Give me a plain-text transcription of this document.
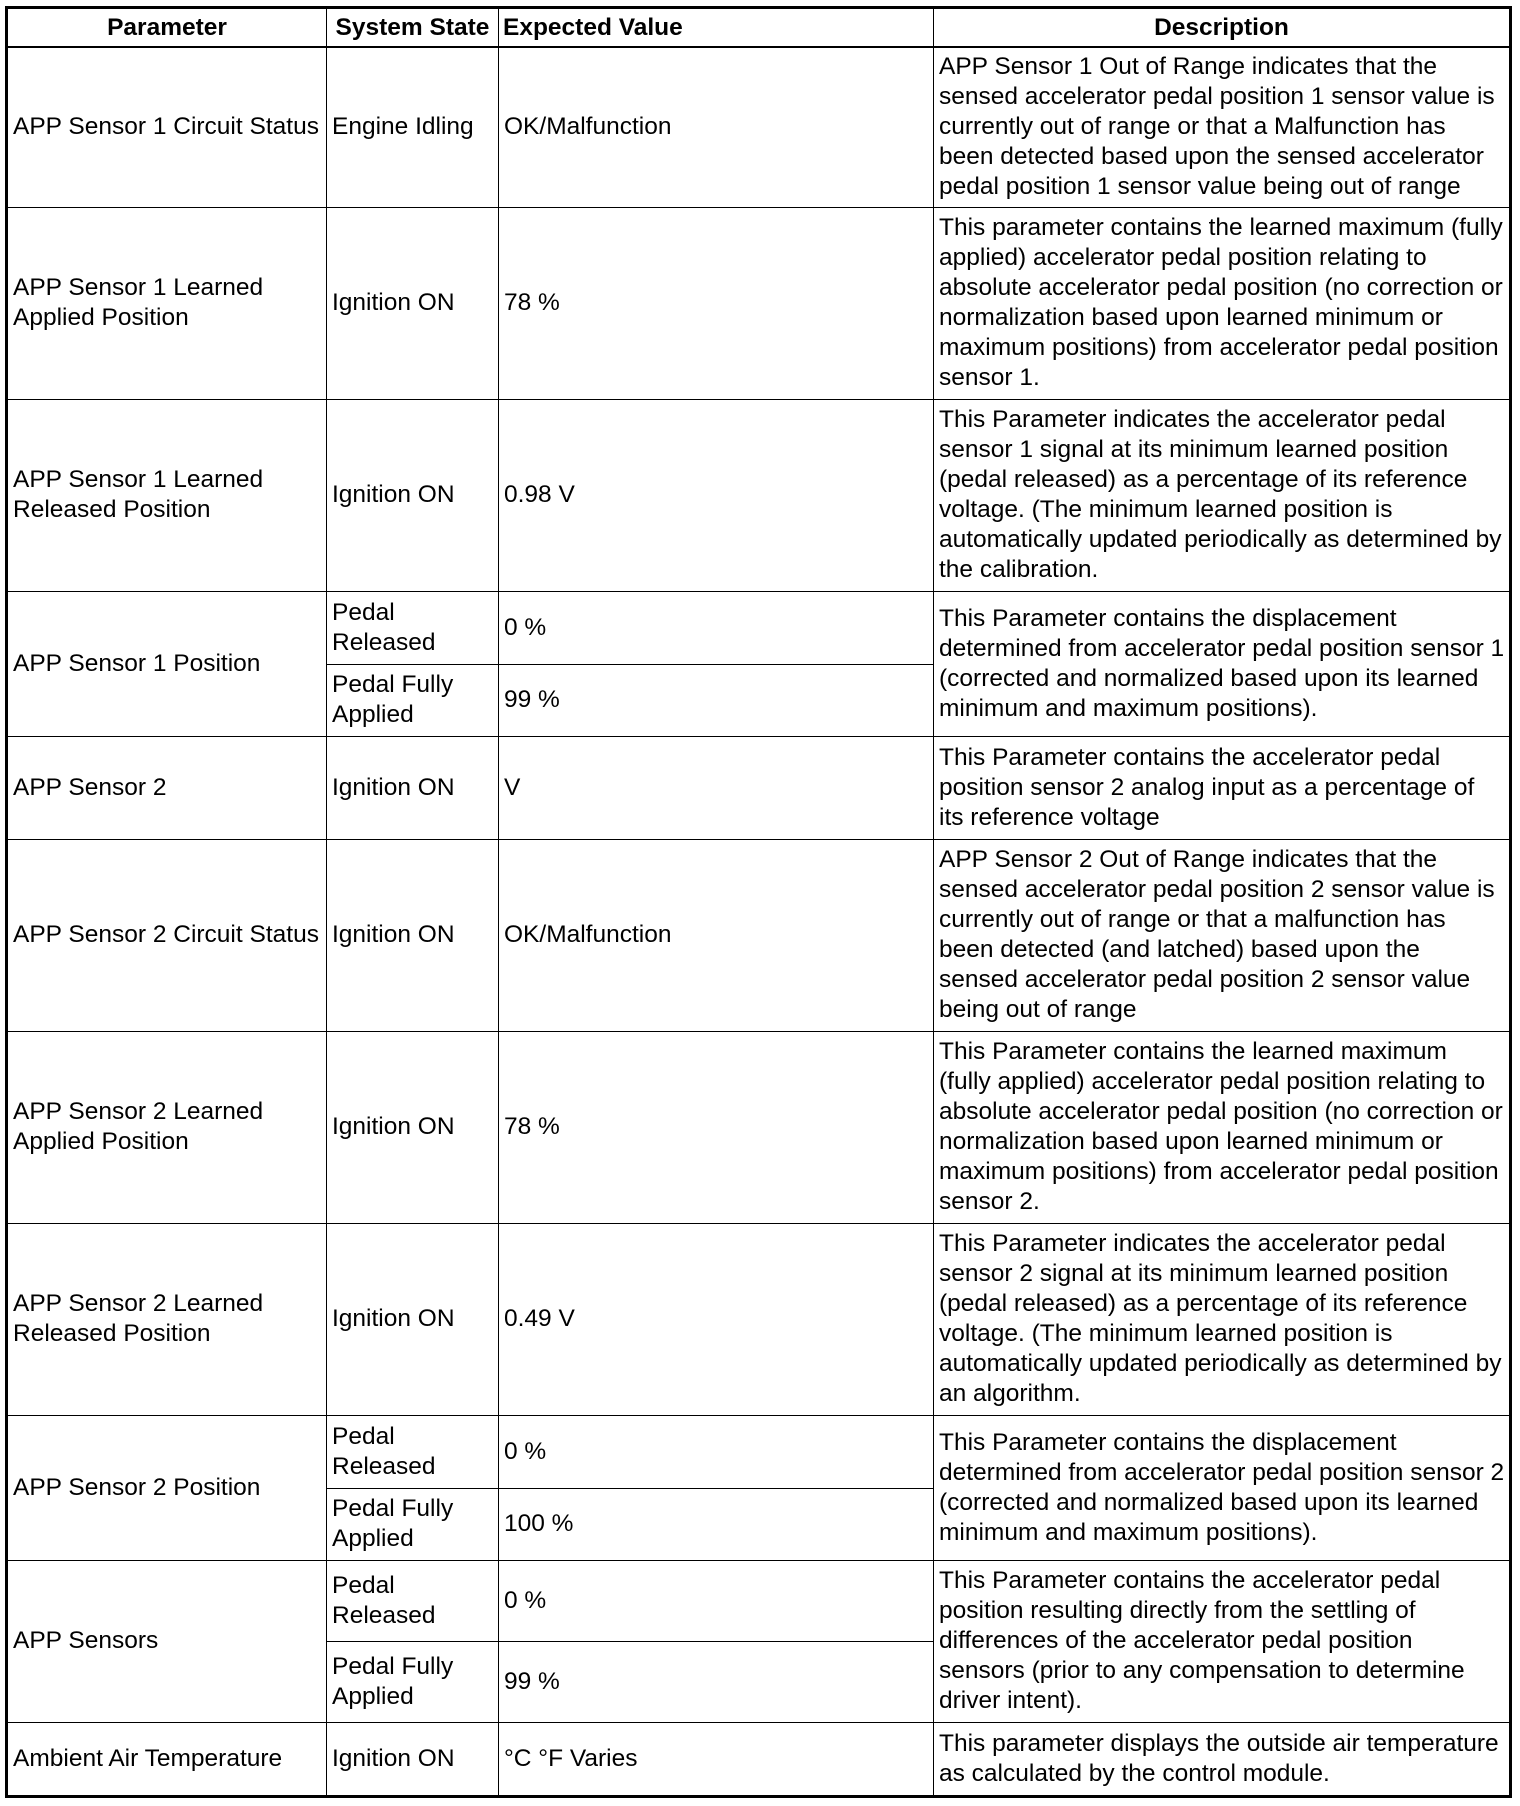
Parameter	System State	Expected Value	Description
APP Sensor 1 Circuit Status	Engine Idling	OK/Malfunction	APP Sensor 1 Out of Range indicates that the sensed accelerator pedal position 1 sensor value is currently out of range or that a Malfunction has been detected based upon the sensed accelerator pedal position 1 sensor value being out of range
APP Sensor 1 Learned Applied Position	Ignition ON	78 %	This parameter contains the learned maximum (fully applied) accelerator pedal position relating to absolute accelerator pedal position (no correction or normalization based upon learned minimum or maximum positions) from accelerator pedal position sensor 1.
APP Sensor 1 Learned Released Position	Ignition ON	0.98 V	This Parameter indicates the accelerator pedal sensor 1 signal at its minimum learned position (pedal released) as a percentage of its reference voltage. (The minimum learned position is automatically updated periodically as determined by the calibration.
APP Sensor 1 Position	Pedal Released	0 %	This Parameter contains the displacement determined from accelerator pedal position sensor 1 (corrected and normalized based upon its learned minimum and maximum positions).
	Pedal Fully Applied	99 %	
APP Sensor 2	Ignition ON	V	This Parameter contains the accelerator pedal position sensor 2 analog input as a percentage of its reference voltage
APP Sensor 2 Circuit Status	Ignition ON	OK/Malfunction	APP Sensor 2 Out of Range indicates that the sensed accelerator pedal position 2 sensor value is currently out of range or that a malfunction has been detected (and latched) based upon the sensed accelerator pedal position 2 sensor value being out of range
APP Sensor 2 Learned Applied Position	Ignition ON	78 %	This Parameter contains the learned maximum (fully applied) accelerator pedal position relating to absolute accelerator pedal position (no correction or normalization based upon learned minimum or maximum positions) from accelerator pedal position sensor 2.
APP Sensor 2 Learned Released Position	Ignition ON	0.49 V	This Parameter indicates the accelerator pedal sensor 2 signal at its minimum learned position (pedal released) as a percentage of its reference voltage. (The minimum learned position is automatically updated periodically as determined by an algorithm.
APP Sensor 2 Position	Pedal Released	0 %	This Parameter contains the displacement determined from accelerator pedal position sensor 2 (corrected and normalized based upon its learned minimum and maximum positions).
	Pedal Fully Applied	100 %	
APP Sensors	Pedal Released	0 %	This Parameter contains the accelerator pedal position resulting directly from the settling of differences of the accelerator pedal position sensors (prior to any compensation to determine driver intent).
	Pedal Fully Applied	99 %	
Ambient Air Temperature	Ignition ON	°C °F Varies	This parameter displays the outside air temperature as calculated by the control module.
